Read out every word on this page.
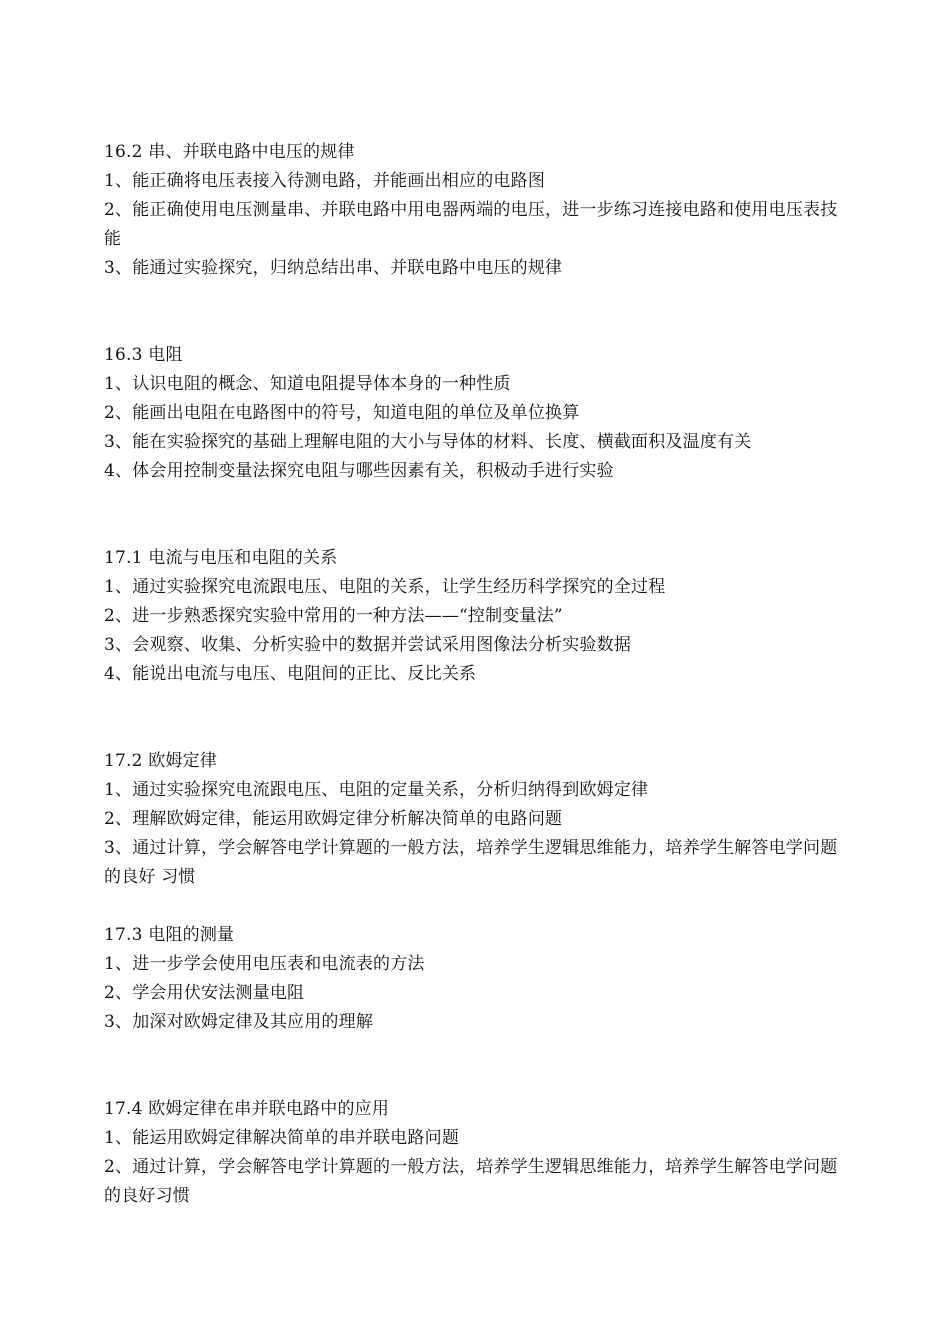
16.2 串、并联电路中电压的规律
1、能正确将电压表接入待测电路，并能画出相应的电路图
2、能正确使用电压测量串、并联电路中用电器两端的电压，进一步练习连接电路和使用电压表技能
3、能通过实验探究，归纳总结出串、并联电路中电压的规律
16.3 电阻
1、认识电阻的概念、知道电阻提导体本身的一种性质
2、能画出电阻在电路图中的符号，知道电阻的单位及单位换算
3、能在实验探究的基础上理解电阻的大小与导体的材料、长度、横截面积及温度有关
4、体会用控制变量法探究电阻与哪些因素有关，积极动手进行实验
17.1 电流与电压和电阻的关系
1、通过实验探究电流跟电压、电阻的关系，让学生经历科学探究的全过程
2、进一步熟悉探究实验中常用的一种方法——“控制变量法”
3、会观察、收集、分析实验中的数据并尝试采用图像法分析实验数据
4、能说出电流与电压、电阻间的正比、反比关系
17.2 欧姆定律
1、通过实验探究电流跟电压、电阻的定量关系，分析归纳得到欧姆定律
2、理解欧姆定律，能运用欧姆定律分析解决简单的电路问题
3、通过计算，学会解答电学计算题的一般方法，培养学生逻辑思维能力，培养学生解答电学问题的良好 习惯
17.3 电阻的测量
1、进一步学会使用电压表和电流表的方法
2、学会用伏安法测量电阻
3、加深对欧姆定律及其应用的理解
17.4 欧姆定律在串并联电路中的应用
1、能运用欧姆定律解决简单的串并联电路问题
2、通过计算，学会解答电学计算题的一般方法，培养学生逻辑思维能力，培养学生解答电学问题的良好习惯
